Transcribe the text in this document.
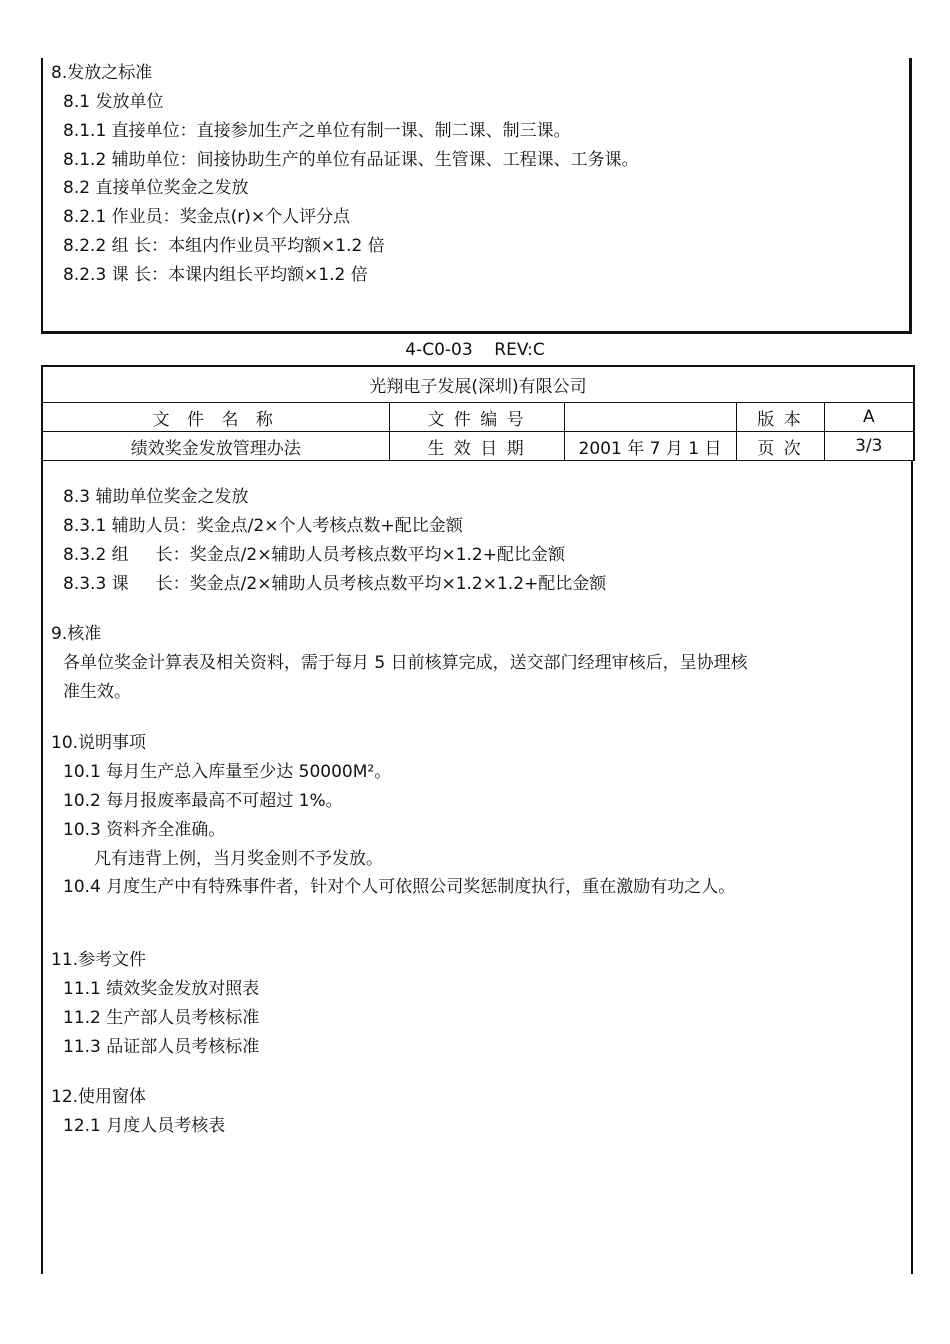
8.发放之标准
8.1 发放单位
8.1.1 直接单位：直接参加生产之单位有制一课、制二课、制三课。
8.1.2 辅助单位：间接协助生产的单位有品证课、生管课、工程课、工务课。
8.2 直接单位奖金之发放
8.2.1 作业员：奖金点(r)×个人评分点
8.2.2 组 长：本组内作业员平均额×1.2 倍
8.2.3 课 长：本课内组长平均额×1.2 倍
4-C0-03    REV:C
光翔电子发展(深圳)有限公司				
文 件 名 称	文 件 编 号		版 本	A
绩效奖金发放管理办法	生 效 日 期	2001 年 7 月 1 日	页 次	3/3
8.3 辅助单位奖金之发放
8.3.1 辅助人员：奖金点/2×个人考核点数+配比金额
8.3.2 组     长：奖金点/2×辅助人员考核点数平均×1.2+配比金额
8.3.3 课     长：奖金点/2×辅助人员考核点数平均×1.2×1.2+配比金额
9.核准
各单位奖金计算表及相关资料，需于每月 5 日前核算完成，送交部门经理审核后，呈协理核
准生效。
10.说明事项
10.1 每月生产总入库量至少达 50000M²。
10.2 每月报废率最高不可超过 1%。
10.3 资料齐全准确。
凡有违背上例，当月奖金则不予发放。
10.4 月度生产中有特殊事件者，针对个人可依照公司奖惩制度执行，重在激励有功之人。
11.参考文件
11.1 绩效奖金发放对照表
11.2 生产部人员考核标准
11.3 品证部人员考核标准
12.使用窗体
12.1 月度人员考核表
